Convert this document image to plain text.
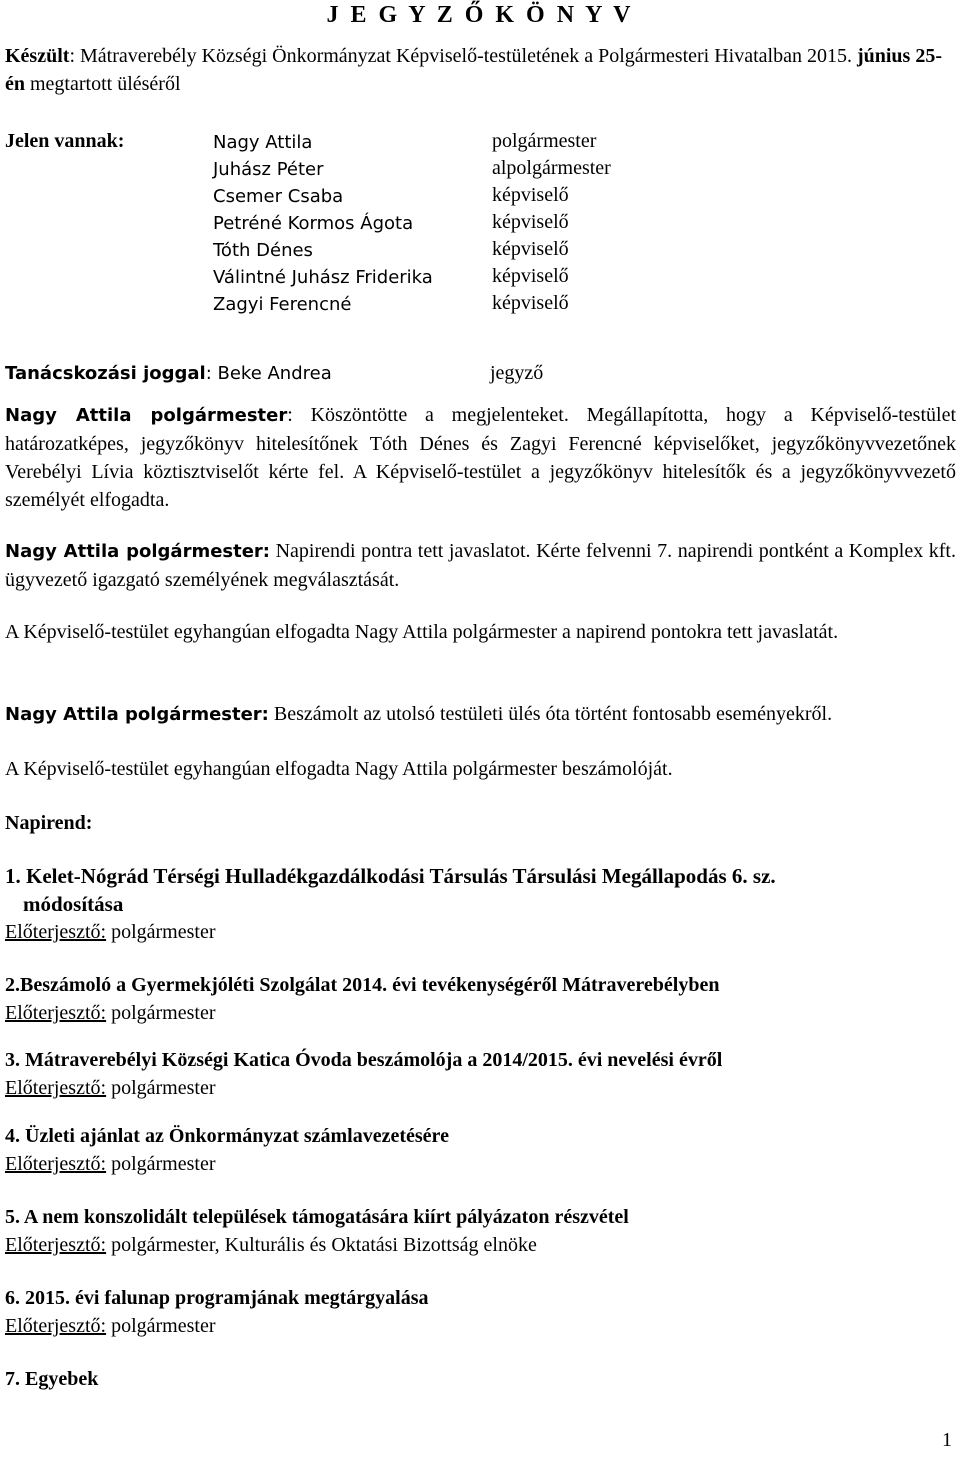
J E G Y Z Ő K Ö N Y V

Készült: Mátraverebély Községi Önkormányzat Képviselő-testületének a Polgármesteri Hivatalban 2015. június 25-én megtartott üléséről

Jelen vannak:	Nagy Attila
Juhász Péter
Csemer Csaba
Petréné Kormos Ágota
Tóth Dénes
Válintné Juhász Friderika
Zagyi Ferencné
polgármester
alpolgármester
képviselő
képviselő
képviselő
képviselő
képviselő
Tanácskozási joggal: Beke Andrea	jegyző

Nagy Attila polgármester: Köszöntötte a megjelenteket. Megállapította, hogy a Képviselő-testület határozatképes, jegyzőkönyv hitelesítőnek Tóth Dénes és Zagyi Ferencné képviselőket, jegyzőkönyvvezetőnek Verebélyi Lívia köztisztviselőt kérte fel. A Képviselő-testület a jegyzőkönyv hitelesítők és a jegyzőkönyvvezető személyét elfogadta.

Nagy Attila polgármester: Napirendi pontra tett javaslatot. Kérte felvenni 7. napirendi pontként a Komplex kft. ügyvezető igazgató személyének megválasztását.

A Képviselő-testület egyhangúan elfogadta Nagy Attila polgármester a napirend pontokra tett javaslatát.

Nagy Attila polgármester: Beszámolt az utolsó testületi ülés óta történt fontosabb eseményekről.

A Képviselő-testület egyhangúan elfogadta Nagy Attila polgármester beszámolóját.

Napirend:
1. Kelet-Nógrád Térségi Hulladékgazdálkodási Társulás Társulási Megállapodás 6. sz.
módosítása
Előterjesztő: polgármester
2.Beszámoló a Gyermekjóléti Szolgálat 2014. évi tevékenységéről Mátraverebélyben
Előterjesztő: polgármester
3. Mátraverebélyi Községi Katica Óvoda beszámolója a 2014/2015. évi nevelési évről
Előterjesztő: polgármester
4. Üzleti ajánlat az Önkormányzat számlavezetésére
Előterjesztő: polgármester
5. A nem konszolidált települések támogatására kiírt pályázaton részvétel
Előterjesztő: polgármester, Kulturális és Oktatási Bizottság elnöke
6. 2015. évi falunap programjának megtárgyalása
Előterjesztő: polgármester
7. Egyebek
1
